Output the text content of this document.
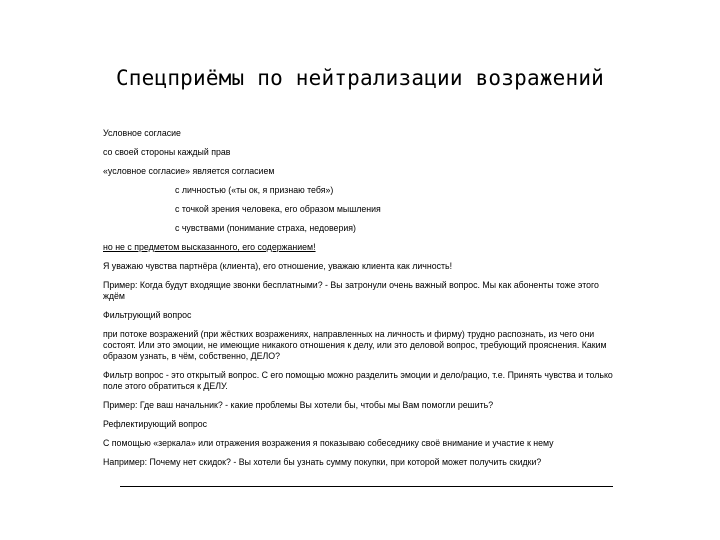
Спецприёмы по нейтрализации возражений

Условное согласие

со своей стороны каждый прав

«условное согласие» является согласием

с личностью («ты ок, я признаю тебя»)

с точкой зрения человека, его образом мышления

с чувствами (понимание страха, недоверия)

но не с предметом высказанного, его содержанием!

Я уважаю чувства партнёра (клиента), его отношение, уважаю клиента как личность!

Пример: Когда будут входящие звонки бесплатными? - Вы затронули очень важный вопрос. Мы как абоненты тоже этого ждём

Фильтрующий вопрос

при потоке возражений (при жёстких возражениях, направленных на личность и фирму) трудно распознать, из чего они состоят. Или это эмоции, не имеющие никакого отношения к делу, или это деловой вопрос, требующий прояснения. Каким образом узнать, в чём, собственно, ДЕЛО?

Фильтр вопрос - это открытый вопрос. С его помощью можно разделить эмоции и дело/рацио, т.е. Принять чувства и только поле этого обратиться к ДЕЛУ.

Пример: Где ваш начальник? - какие проблемы Вы хотели бы, чтобы мы Вам помогли решить?

Рефлектирующий вопрос

С помощью «зеркала» или отражения возражения я показываю собеседнику своё внимание и участие к нему

Например: Почему нет скидок? - Вы хотели бы узнать сумму покупки, при которой может получить скидки?
